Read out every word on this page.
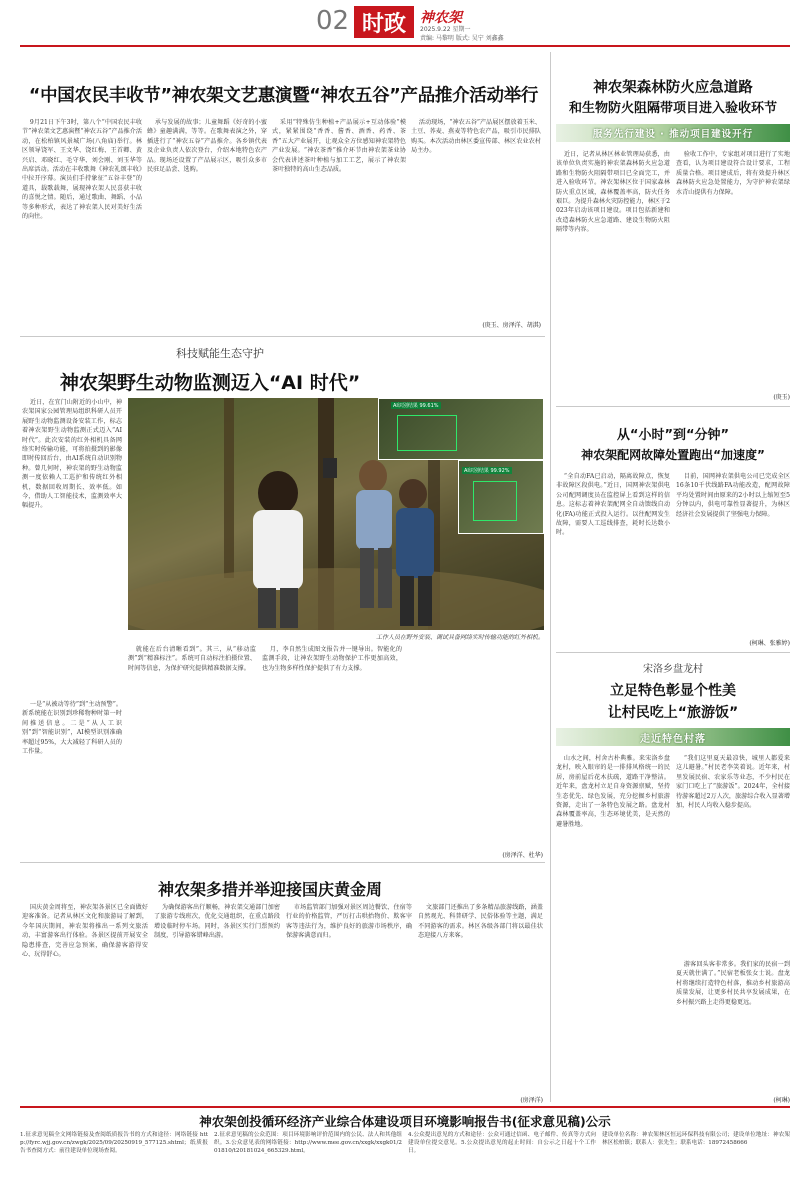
02 时政 神农架
2025.9.22 星期一
责编: 马黎明 版式: 吴宁 刘鑫鑫
“中国农民丰收节”神农架文艺惠演暨“神农五谷”产品推介活动举行

9月21日下午3时，第八个“中国农民丰收节”神农架文艺惠演暨“神农五谷”产品推介活动，在松柏镇风景城广场(八角庙)举行。林区领导饶军、王文华、饶红梅、王首卿、黄兴启、邓晓红、毛守华、刘会刚、刘玉华等出席活动。活动在丰收歌舞《神农礼颂丰收》中拉开序幕。演员们手持象征“五谷丰登”的道具，载歌载舞，展现神农架人民喜获丰收的喜悦之情。随后，通过歌曲、舞蹈、小品等多种形式，表达了神农架人民对美好生活的向往。

承与发展的故事；儿童舞蹈《好奇的小蜜蜂》童趣满满，等等。在歌舞表演之外，穿插进行了“神农五谷”产品推介。各乡镇代表及企业负责人依次登台，介绍本地特色农产品。现场还设置了产品展示区，吸引众多市民驻足品尝、选购。

采用“特殊仿生种植+产品展示+互动体验”模式，紧紧围绕“香香、酱香、酒香、药香、茶香”五大产业展开，让观众全方位感知神农架特色产业发展。“神农茶香”推介环节由神农架茶业协会代表讲述茶叶种植与加工工艺，展示了神农架茶叶独特的高山生态品质。

活动现场，“神农五谷”产品展区摆放着玉米、土豆、荞麦、燕麦等特色农产品，吸引市民排队购买。本次活动由林区委宣传部、林区农业农村局主办。

(庚玉、房泽洋、胡淇)
科技赋能生态守护
神农架野生动物监测迈入“AI 时代”
AI识别结果 99.61%
AI识别结果 99.92%
工作人员在野外安装、调试具备网络实时传输功能的红外相机。

近日，在宜门山附近的小山中，神农架国家公园管理局组织科研人员开展野生动物监测设备安装工作，标志着神农架野生动物监测正式迈入“AI时代”。此次安装的红外相机具备网络实时传输功能，可将拍摄到的影像即时传回后台，由AI系统自动识别物种。曾几何时，神农架的野生动物监测一度依赖人工巡护和传统红外相机，数据回收周期长、效率低。如今，借助人工智能技术，监测效率大幅提升。

一是“从被动等待”到“主动预警”。新系统能在识别到珍稀物种时第一时间推送信息。二是“从人工识别”到“智能识别”，AI模型识别准确率超过95%，大大减轻了科研人员的工作量。

就能在后台清晰看到”。其三，从“移动监测”到“精准标注”。系统可自动标注拍摄位置、时间等信息，为保护研究提供精准数据支撑。

月，李自然生成图文报告并一键导出。智能化的监测手段，让神农架野生动物保护工作更加高效，也为生物多样性保护提供了有力支撑。

(房泽洋、杜华)
神农架多措并举迎接国庆黄金周

国庆黄金周将至，神农架各景区已全面做好迎客准备。记者从林区文化和旅游局了解到，今年国庆期间，神农架将推出一系列文旅活动，丰富游客出行体验。各景区提前开展安全隐患排查，完善应急预案，确保游客游得安心、玩得舒心。

为确保游客出行顺畅，神农架交通部门加密了旅游专线班次，优化交通组织，在重点路段增设临时停车场。同时，各景区实行门票预约制度，引导游客错峰出游。

市场监管部门加强对景区周边餐饮、住宿等行业的价格监管，严厉打击哄抬物价、欺客宰客等违法行为，维护良好的旅游市场秩序，确保游客满意而归。

文旅部门还推出了多条精品旅游线路，涵盖自然观光、科普研学、民俗体验等主题，满足不同游客的需求。林区各级各部门将以最佳状态迎接八方来客。

(房泽洋)
神农架森林防火应急道路
和生物防火阻隔带项目进入验收环节
服务先行建设 · 推动项目建设开行

近日，记者从林区林业管理局获悉，由该单位负责实施的神农架森林防火应急道路和生物防火阻隔带项目已全面完工，并进入验收环节。神农架林区位于国家森林防火重点区域，森林覆盖率高，防火任务艰巨。为提升森林火灾防控能力，林区于2023年启动该项目建设。项目包括新建和改造森林防火应急道路、建设生物防火阻隔带等内容。

验收工作中，专家组对项目进行了实地查看，认为项目建设符合设计要求，工程质量合格。项目建成后，将有效提升林区森林防火应急处置能力，为守护神农架绿水青山提供有力保障。

(庚玉)
从“小时”到“分钟”
神农架配网故障处置跑出“加速度”

“全自动FA已启动，隔离故障点，恢复非故障区段供电。”近日，国网神农架供电公司配网调度员在监控屏上看到这样的信息。这标志着神农架配网全自动馈线自动化(FA)功能正式投入运行。以往配网发生故障，需要人工巡线排查，耗时长达数小时。

目前，国网神农架供电公司已完成全区16条10千伏线路FA功能改造，配网故障平均处置时间由原来的2小时以上缩短至5分钟以内，供电可靠性显著提升，为林区经济社会发展提供了坚强电力保障。

(柯琳、张雅婷)
宋洛乡盘龙村
立足特色彰显个性美
让村民吃上“旅游饭”
走近特色村落

山水之间，村舍古朴典雅。来宋洛乡盘龙村，映入眼帘的是一排排风格统一的民居，房前屋后花木扶疏，道路干净整洁。近年来，盘龙村立足自身资源禀赋，坚持生态优先、绿色发展，充分挖掘乡村旅游资源，走出了一条特色发展之路。盘龙村森林覆盖率高，生态环境优美，是天然的避暑胜地。

“我们这里夏天最凉快，城里人都爱来这儿避暑。”村民老李笑着说。近年来，村里发展民宿、农家乐等业态，不少村民在家门口吃上了“旅游饭”。2024年，全村接待游客超过2万人次，旅游综合收入显著增加，村民人均收入稳步提高。

游客回头客非常多。我们家的民宿一到夏天就住满了。”民宿老板张女士说。盘龙村将继续打造特色村落，推动乡村旅游高质量发展，让更多村民共享发展成果，在乡村振兴路上走得更稳更远。

(柯琳)
神农架创投循环经济产业综合体建设项目环境影响报告书(征求意见稿)公示
1.征求意见稿全文网络链接及查阅纸质报告书的方式和途径：网络链接 http://fyrc.wjj.gov.cn/zwgk/2025/09/20250919_577125.shtml；纸质报告书查阅方式：前往建设单位现场查阅。
2.征求意见稿的公众范围：项目环境影响评价范围内的公民、法人和其他组织。3.公众意见表的网络链接：http://www.mee.gov.cn/xxgk/xxgk01/201810/t20181024_665329.html。
4.公众提出意见的方式和途径：公众可通过信函、电子邮件、传真等方式向建设单位提交意见。5.公众提出意见的起止时间：自公示之日起十个工作日。
建设单位名称：神农架林区恒远环保科技有限公司；建设单位地址：神农架林区松柏镇；联系人：张先生；联系电话：18972458666
